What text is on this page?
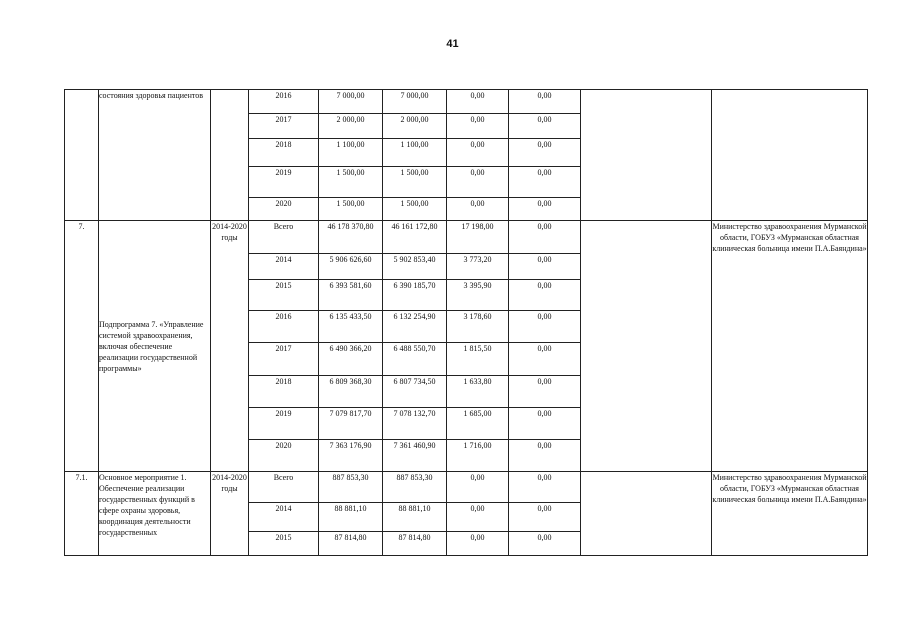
41
	состояния здоровья пациентов		2016	7 000,00	7 000,00	0,00	0,00		
			2017	2 000,00	2 000,00	0,00	0,00		
			2018	1 100,00	1 100,00	0,00	0,00		
			2019	1 500,00	1 500,00	0,00	0,00		
			2020	1 500,00	1 500,00	0,00	0,00		
7.	Подпрограмма 7. «Управление системой здравоохранения, включая обеспечение реализации государственной программы»	2014-2020 годы	Всего	46 178 370,80	46 161 172,80	17 198,00	0,00		Министерство здравоохранения Мурманской области, ГОБУЗ «Мурманская областная клиническая больница имени П.А.Баяндина»
			2014	5 906 626,60	5 902 853,40	3 773,20	0,00		
			2015	6 393 581,60	6 390 185,70	3 395,90	0,00		
			2016	6 135 433,50	6 132 254,90	3 178,60	0,00		
			2017	6 490 366,20	6 488 550,70	1 815,50	0,00		
			2018	6 809 368,30	6 807 734,50	1 633,80	0,00		
			2019	7 079 817,70	7 078 132,70	1 685,00	0,00		
			2020	7 363 176,90	7 361 460,90	1 716,00	0,00		
7.1.	Основное мероприятие 1. Обеспечение реализации государственных функций в сфере охраны здоровья, координация деятельности государственных	2014-2020 годы	Всего	887 853,30	887 853,30	0,00	0,00		Министерство здравоохранения Мурманской области, ГОБУЗ «Мурманская областная клиническая больница имени П.А.Баяндина»
			2014	88 881,10	88 881,10	0,00	0,00		
			2015	87 814,80	87 814,80	0,00	0,00		
